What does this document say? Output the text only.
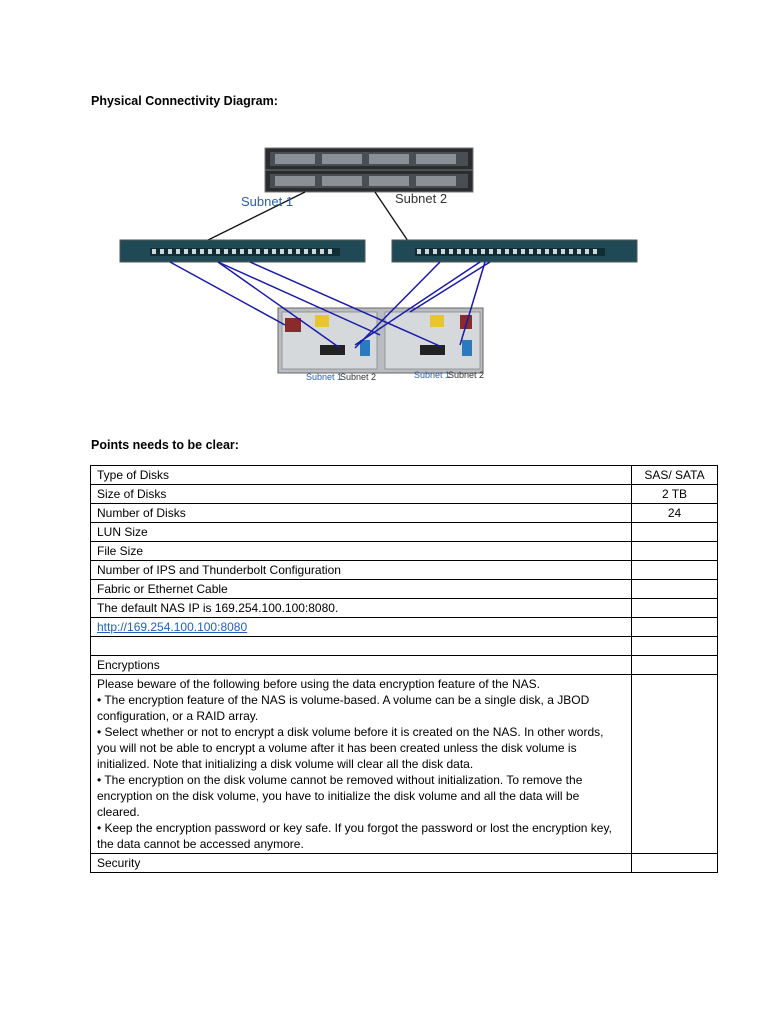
Physical Connectivity Diagram:
Subnet 1	Subnet 2
Subnet 1
Subnet 2	Subnet 1
Subnet 2
Points needs to be clear:
Type of Disks	SAS/ SATA
Size of Disks	2 TB
Number of Disks	24
LUN Size	
File Size	
Number of IPS and Thunderbolt Configuration	
Fabric or Ethernet Cable	
The default NAS IP is 169.254.100.100:8080.	
http://169.254.100.100:8080	

Encryptions	

Please beware of the following before using the data encryption feature of the NAS.
• The encryption feature of the NAS is volume-based. A volume can be a single disk, a JBOD configuration, or a RAID array.
• Select whether or not to encrypt a disk volume before it is created on the NAS. In other words, you will not be able to encrypt a volume after it has been created unless the disk volume is initialized. Note that initializing a disk volume will clear all the disk data.
• The encryption on the disk volume cannot be removed without initialization. To remove the encryption on the disk volume, you have to initialize the disk volume and all the data will be cleared.
• Keep the encryption password or key safe. If you forgot the password or lost the encryption key, the data cannot be accessed anymore.	

Security	
